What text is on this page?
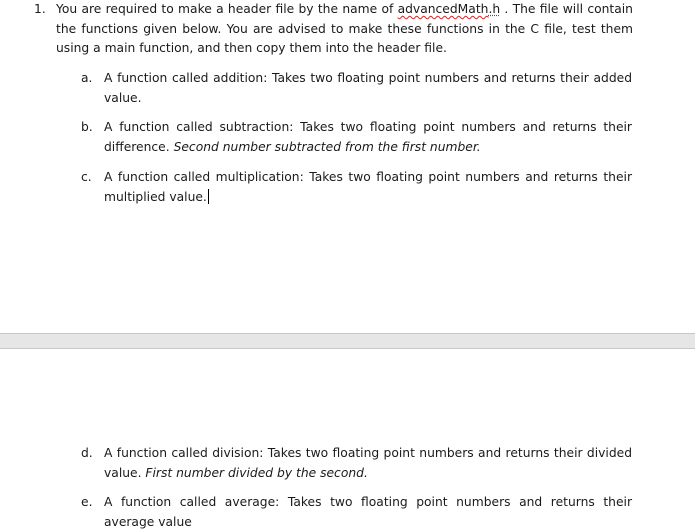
1. You are required to make a header file by the name of advancedMath.h . The file will contain the functions given below. You are advised to make these functions in the C file, test them using a main function, and then copy them into the header file.

a. A function called addition: Takes two floating point numbers and returns their added value.

b. A function called subtraction: Takes two floating point numbers and returns their difference. Second number subtracted from the first number.

c. A function called multiplication: Takes two floating point numbers and returns their multiplied value.

d. A function called division: Takes two floating point numbers and returns their divided value. First number divided by the second.

e. A function called average: Takes two floating point numbers and returns their average value
